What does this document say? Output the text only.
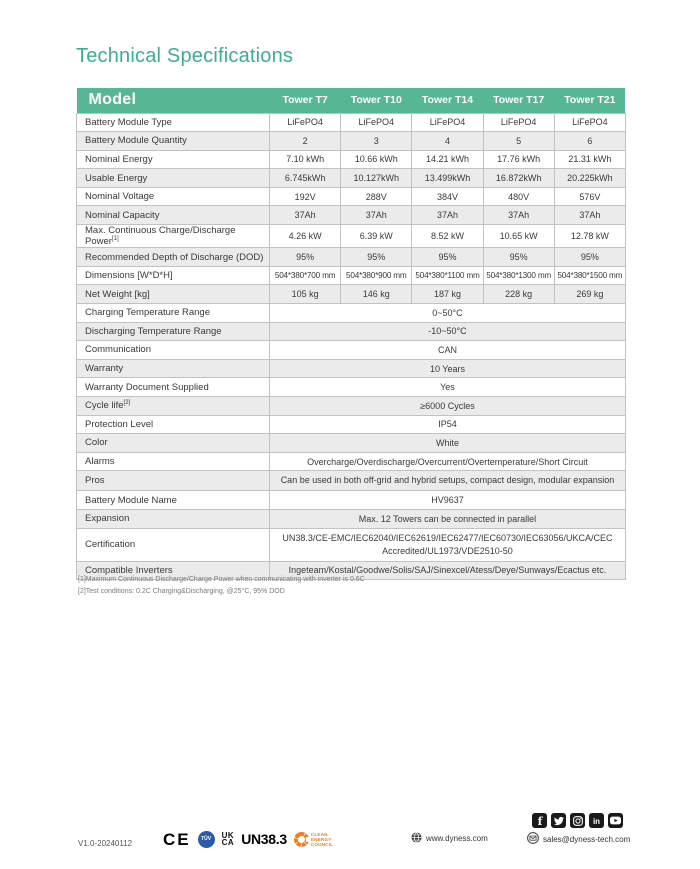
Technical Specifications
Model	Tower T7	Tower T10	Tower T14	Tower T17	Tower T21
Battery Module Type	LiFePO4	LiFePO4	LiFePO4	LiFePO4	LiFePO4
Battery Module Quantity	2	3	4	5	6
Nominal Energy	7.10 kWh	10.66 kWh	14.21 kWh	17.76 kWh	21.31 kWh
Usable Energy	6.745kWh	10.127kWh	13.499kWh	16.872kWh	20.225kWh
Nominal Voltage	192V	288V	384V	480V	576V
Nominal Capacity	37Ah	37Ah	37Ah	37Ah	37Ah
Max. Continuous Charge/Discharge Power[1]	4.26 kW	6.39 kW	8.52 kW	10.65 kW	12.78 kW
Recommended Depth of Discharge (DOD)	95%	95%	95%	95%	95%
Dimensions [W*D*H]	504*380*700 mm	504*380*900 mm	504*380*1100 mm	504*380*1300 mm	504*380*1500 mm
Net Weight [kg]	105 kg	146 kg	187 kg	228 kg	269 kg
Charging Temperature Range	0~50°C				
Discharging Temperature Range	-10~50°C				
Communication	CAN				
Warranty	10 Years				
Warranty Document Supplied	Yes				
Cycle life[2]	≥6000 Cycles				
Protection Level	IP54				
Color	White				
Alarms	Overcharge/Overdischarge/Overcurrent/Overtemperature/Short Circuit				
Pros	Can be used in both off-grid and hybrid setups, compact design, modular expansion				
Battery Module Name	HV9637				
Expansion	Max. 12 Towers can be connected in parallel				
Certification	UN38.3/CE-EMC/IEC62040/IEC62619/IEC62477/IEC60730/IEC63056/UKCA/CEC Accredited/UL1973/VDE2510-50				
Compatible Inverters	Ingeteam/Kostal/Goodwe/Solis/SAJ/Sinexcel/Atess/Deye/Sunways/Ecactus etc.				
[1]Maximum Continuous Discharge/Charge Power when communicating with inverter is 0.6C
[2]Test conditions: 0.2C Charging&Discharging, @25°C, 95% DOD
V1.0-20240112 CE	TÜV	UK
CA UN38.3	CLEAN
ENERGY
COUNCIL
f	in
www.dyness.com	sales@dyness-tech.com
